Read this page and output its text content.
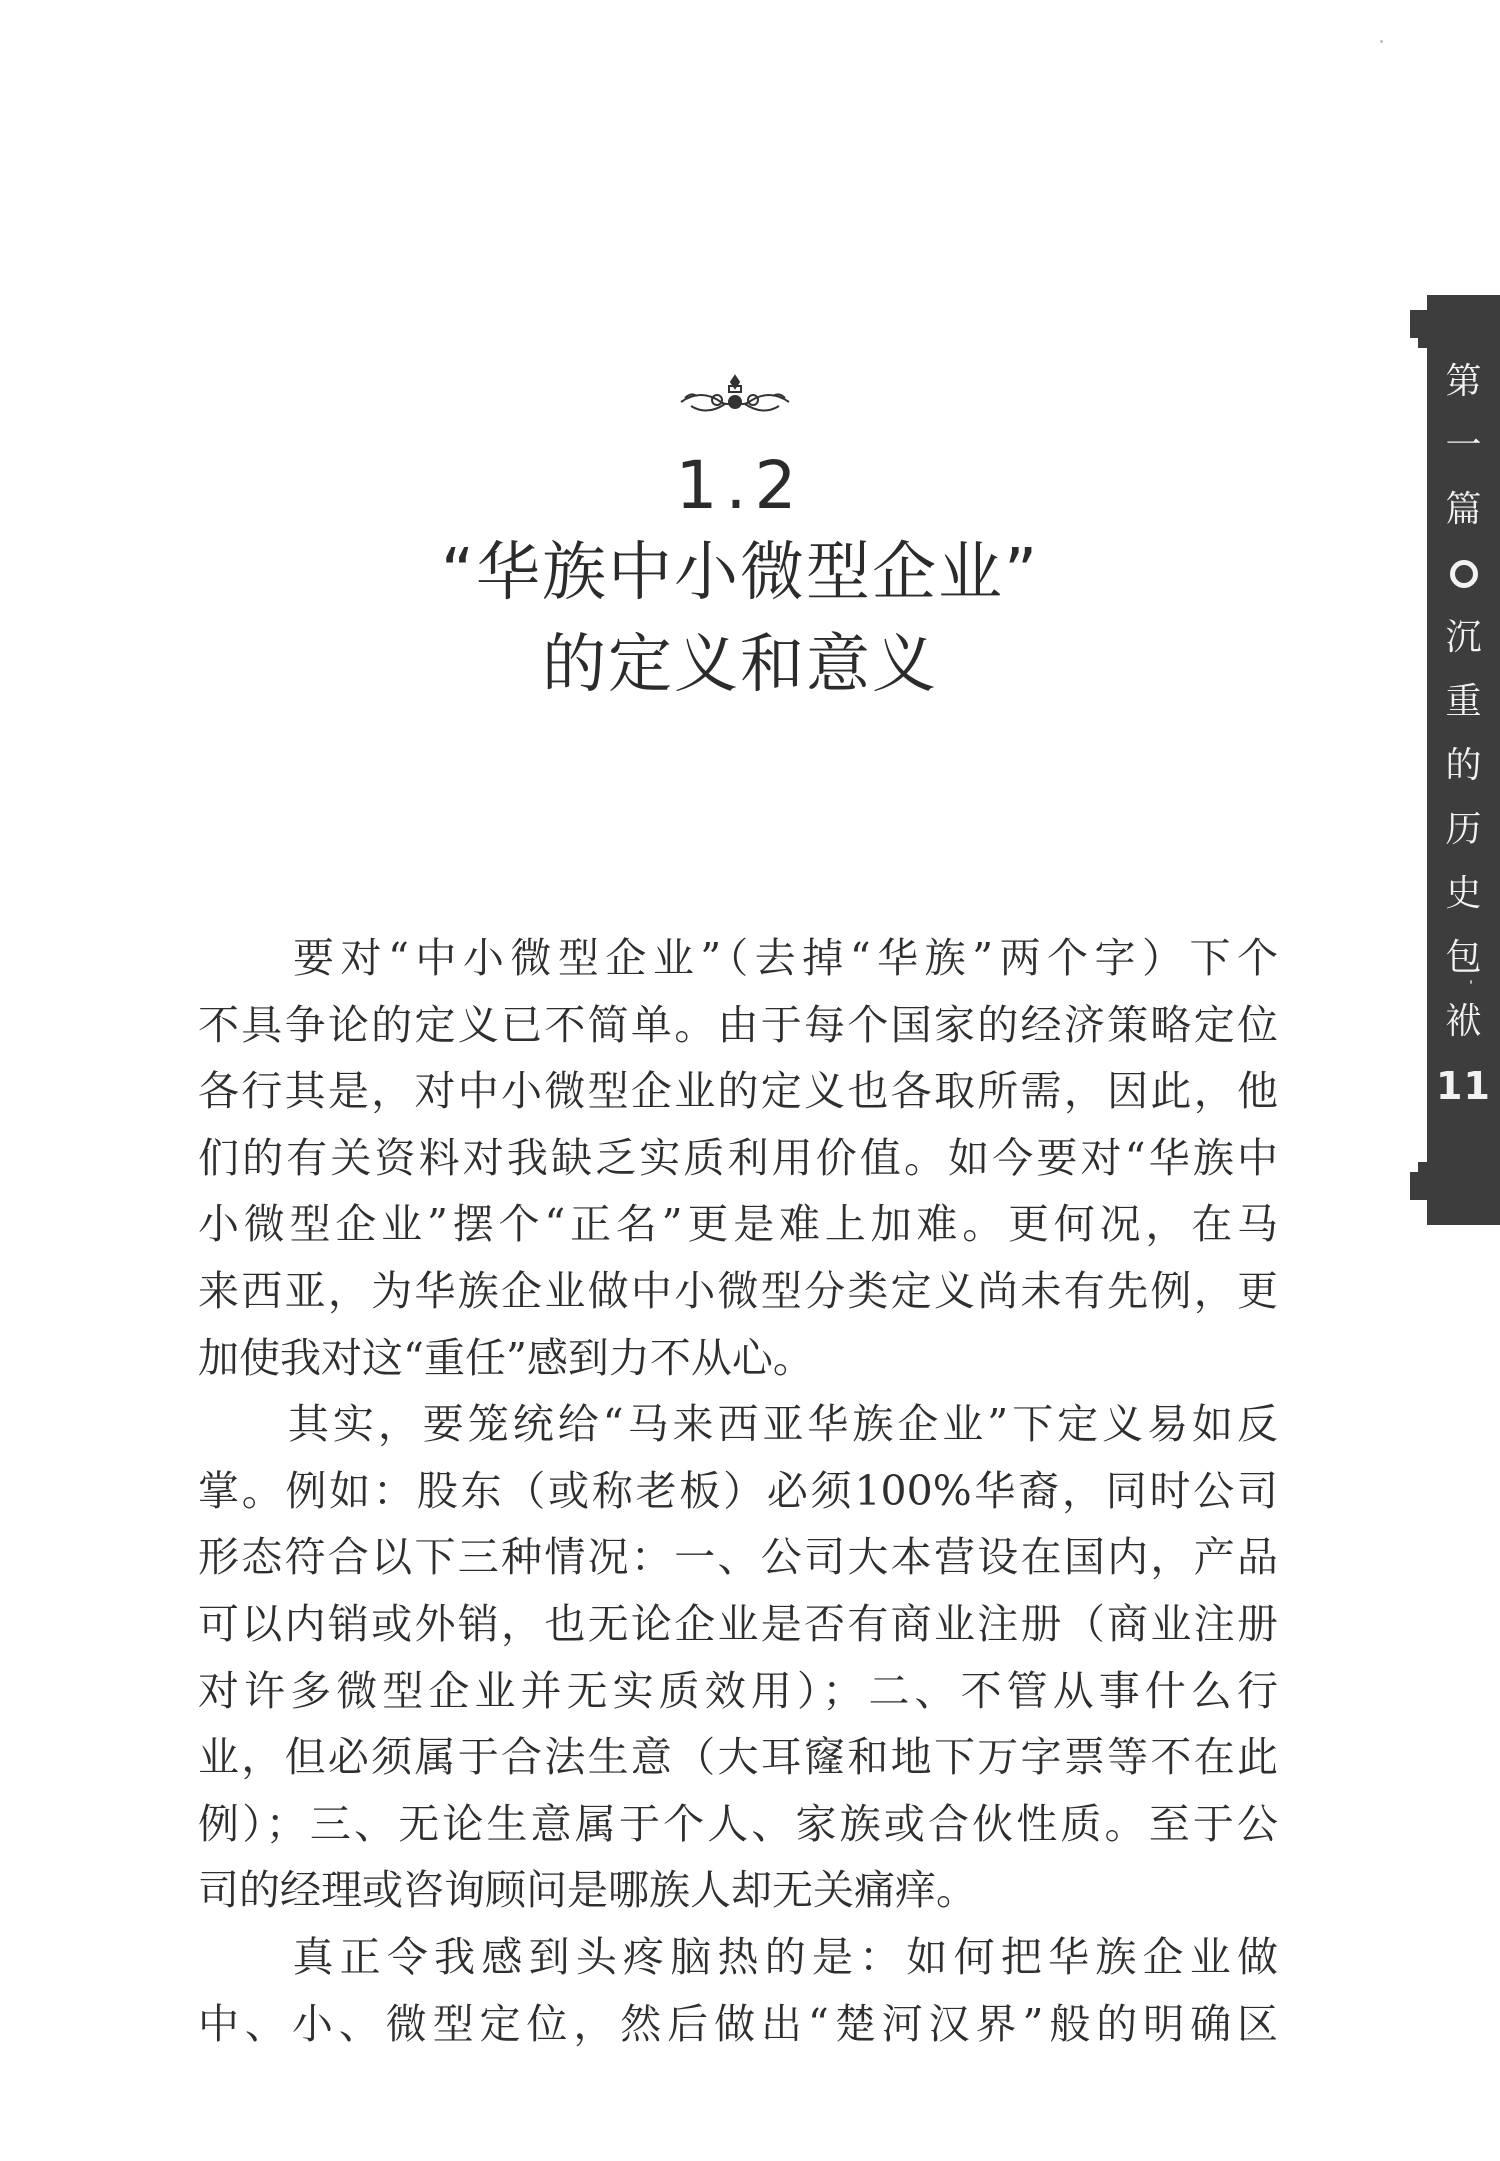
1.2
“华族中小微型企业”
的定义和意义
　　要对“中小微型企业”（去掉“华族”两个字）下个
不具争论的定义已不简单。由于每个国家的经济策略定位
各行其是，对中小微型企业的定义也各取所需，因此，他
们的有关资料对我缺乏实质利用价值。如今要对“华族中
小微型企业”摆个“正名”更是难上加难。更何况，在马
来西亚，为华族企业做中小微型分类定义尚未有先例，更
加使我对这“重任”感到力不从心。
　　其实，要笼统给“马来西亚华族企业”下定义易如反
掌。例如：股东（或称老板）必须100%华裔，同时公司
形态符合以下三种情况：一、公司大本营设在国内，产品
可以内销或外销，也无论企业是否有商业注册（商业注册
对许多微型企业并无实质效用）；二、不管从事什么行
业，但必须属于合法生意（大耳窿和地下万字票等不在此
例）；三、无论生意属于个人、家族或合伙性质。至于公
司的经理或咨询顾问是哪族人却无关痛痒。
　　真正令我感到头疼脑热的是：如何把华族企业做
中、小、微型定位，然后做出“楚河汉界”般的明确区
第
一
篇
沉
重
的
历
史
包
袱
11
